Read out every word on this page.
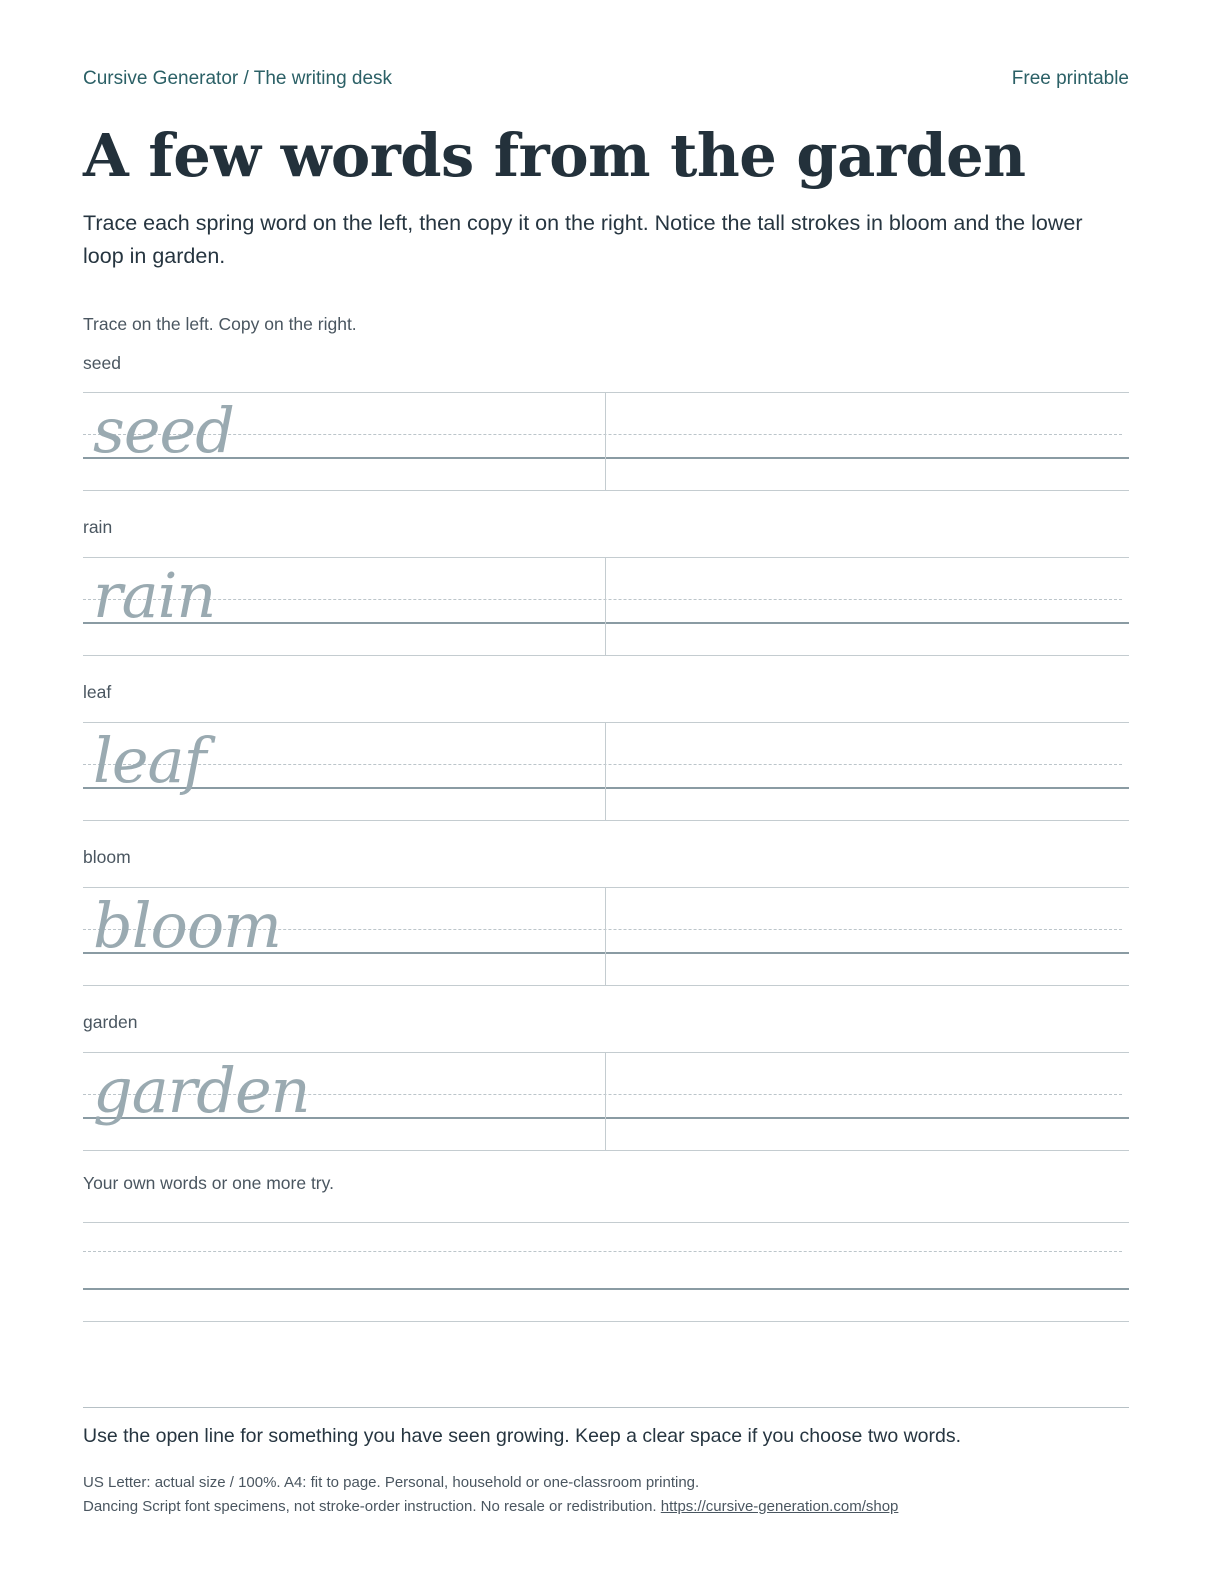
Cursive Generator / The writing desk	Free printable
A few words from the garden

Trace each spring word on the left, then copy it on the right. Notice the tall strokes in bloom and the lower loop in garden.

Trace on the left. Copy on the right.
seed
seed
rain
rain
leaf
leaf
bloom
bloom
garden
garden
Your own words or one more try.

Use the open line for something you have seen growing. Keep a clear space if you choose two words.

US Letter: actual size / 100%. A4: fit to page. Personal, household or one-classroom printing.
Dancing Script font specimens, not stroke-order instruction. No resale or redistribution. https://cursive-generation.com/shop
